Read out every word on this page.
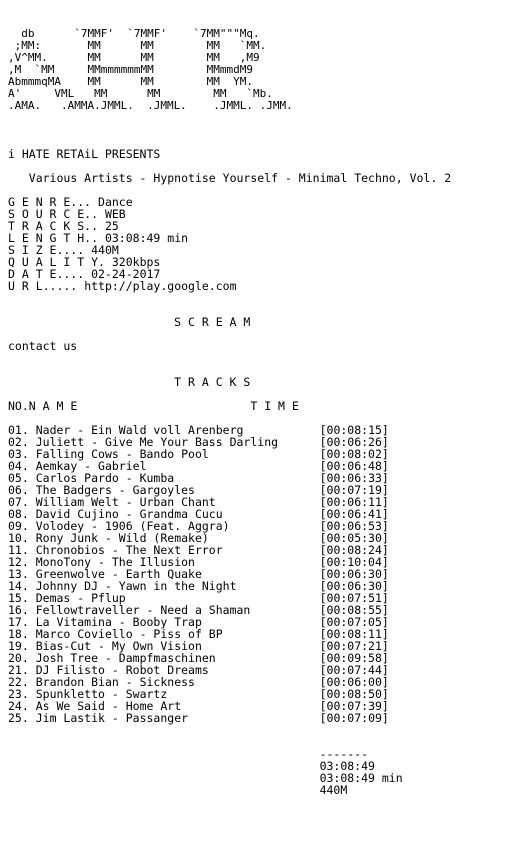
db      `7MMF'  `7MMF'    `7MM"""Mq.
;MM:       MM      MM        MM   `MM.
,V^MM.      MM      MM        MM   ,M9
,M  `MM     MMmmmmmmMM        MMmmdM9
AbmmmqMA    MM      MM        MM  YM.
A'     VML   MM      MM        MM   `Mb.
.AMA.   .AMMA.JMML.  .JMML.    .JMML. .JMM.
i HATE RETAiL PRESENTS
Various Artists - Hypnotise Yourself - Minimal Techno, Vol. 2
G E N R E... Dance
S O U R C E.. WEB
T R A C K S.. 25
L E N G T H.. 03:08:49 min
S I Z E.... 440M
Q U A L I T Y. 320kbps
D A T E.... 02-24-2017
U R L..... http://play.google.com
S C R E A M
contact us
T R A C K S
NO.N A M E	T I M E
01. Nader - Ein Wald voll Arenberg	[00:08:15]
02. Juliett - Give Me Your Bass Darling	[00:06:26]
03. Falling Cows - Bando Pool	[00:08:02]
04. Aemkay - Gabriel	[00:06:48]
05. Carlos Pardo - Kumba	[00:06:33]
06. The Badgers - Gargoyles	[00:07:19]
07. William Welt - Urban Chant	[00:06:11]
08. David Cujino - Grandma Cucu	[00:06:41]
09. Volodey - 1906 (Feat. Aggra)	[00:06:53]
10. Rony Junk - Wild (Remake)	[00:05:30]
11. Chronobios - The Next Error	[00:08:24]
12. MonoTony - The Illusion	[00:10:04]
13. Greenwolve - Earth Quake	[00:06:30]
14. Johnny DJ - Yawn in the Night	[00:06:30]
15. Demas - Pflup	[00:07:51]
16. Fellowtraveller - Need a Shaman	[00:08:55]
17. La Vitamina - Booby Trap	[00:07:05]
18. Marco Coviello - Piss of BP	[00:08:11]
19. Bias-Cut - My Own Vision	[00:07:21]
20. Josh Tree - Dampfmaschinen	[00:09:58]
21. DJ Filisto - Robot Dreams	[00:07:44]
22. Brandon Bian - Sickness	[00:06:00]
23. Spunkletto - Swartz	[00:08:50]
24. As We Said - Home Art	[00:07:39]
25. Jim Lastik - Passanger	[00:07:09]
-------
03:08:49
03:08:49 min
440M
